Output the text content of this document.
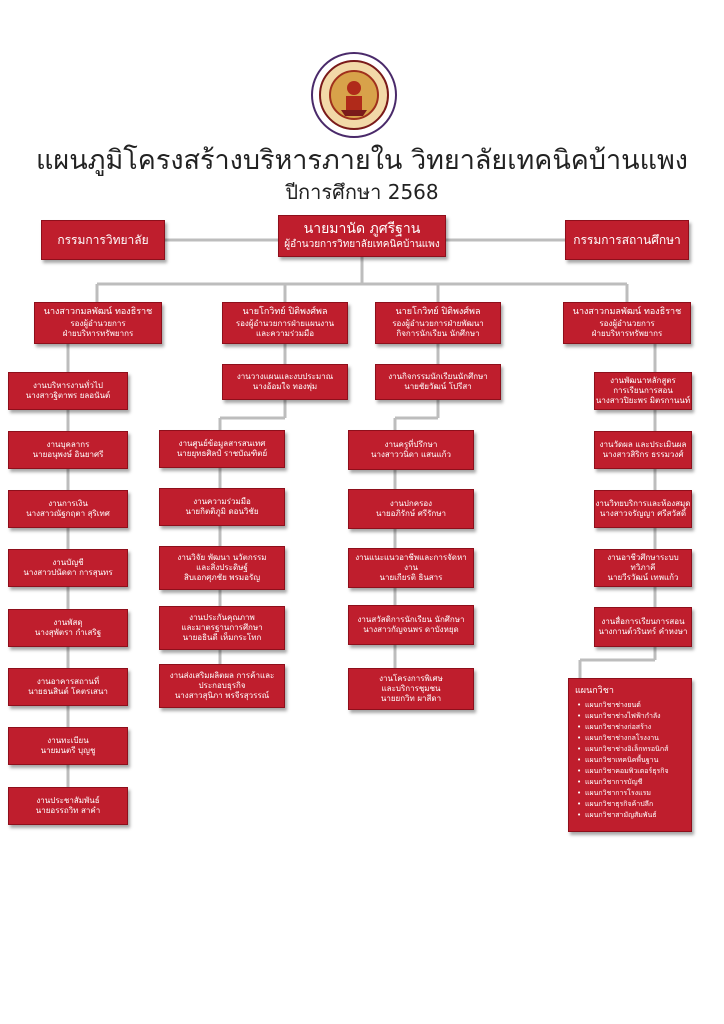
แผนภูมิโครงสร้างบริหารภายใน วิทยาลัยเทคนิคบ้านแพง
ปีการศึกษา 2568
กรรมการวิทยาลัย
นายมานัด ภูศรีฐาน
ผู้อำนวยการวิทยาลัยเทคนิคบ้านแพง	กรรมการสถานศึกษา
นางสาวกมลพัฒน์ ทองธิราช
รองผู้อำนวยการ
ฝ่ายบริหารทรัพยากร
นายโกวิทย์ ปิติพงศ์พล
รองผู้อำนวยการฝ่ายแผนงาน
และความร่วมมือ
นายโกวิทย์ ปิติพงศ์พล
รองผู้อำนวยการฝ่ายพัฒนา
กิจการนักเรียน นักศึกษา
นางสาวกมลพัฒน์ ทองธิราช
รองผู้อำนวยการ
ฝ่ายบริหารทรัพยากร
งานบริหารงานทั่วไป
นางสาวฐิตาพร ยลอนันต์
งานบุคลากร
นายอนุพงษ์ อินยาศรี
งานการเงิน
นางสาวณัฐกฤตา สุริเทศ
งานบัญชี
นางสาวปนัดดา การสุนทร
งานพัสดุ
นางสุพัตรา กำเสริฐ
งานอาคารสถานที่
นายธนสินต์ โคตรเสนา
งานทะเบียน
นายมนตรี บุญชู
งานประชาสัมพันธ์
นายอรรถวิท สาคำ
งานวางแผนและงบประมาณ
นางอ้อมใจ ทองพุ่ม
งานศูนย์ข้อมูลสารสนเทศ
นายยุทธศิลป์ ราชบัณฑิตย์
งานความร่วมมือ
นายกิตติภูมิ ดอนวิชัย
งานวิจัย พัฒนา นวัตกรรม
และสิ่งประดิษฐ์
สิบเอกศุภชัย พรมอรัญ
งานประกันคุณภาพ
และมาตรฐานการศึกษา
นายอธินดี เห็มกระโทก
งานส่งเสริมผลิตผล การค้าและ
ประกอบธุรกิจ
นางสาวสุนิภา พรจีรสุวรรณ์
งานกิจกรรมนักเรียนนักศึกษา
นายชัยวัฒน์ โปรีสา
งานครูที่ปรึกษา
นางสาววนิดา แสนแก้ว
งานปกครอง
นายอภิรักษ์ ศรีรักษา
งานแนะแนวอาชีพและการจัดหางาน
นายเกียรติ ธินสาร
งานสวัสดิการนักเรียน นักศึกษา
นางสาวกัญจนพร ดาบังหยุด
งานโครงการพิเศษ
และบริการชุมชน
นายยกวิท ผาสีดา
งานพัฒนาหลักสูตร
การเรียนการสอน
นางสาวปิยะพร มิตรกานนท์
งานวัดผล และประเมินผล
นางสาวสิริกร ธรรมวงศ์
งานวิทยบริการและห้องสมุด
นางสาวจรัญญา ศรีสวัสดิ์
งานอาชีวศึกษาระบบทวิภาคี
นายวีรวัฒน์ เทพแก้ว
งานสื่อการเรียนการสอน
นางกานต์วรินทร์ คำหงษา
แผนกวิชา
• แผนกวิชาช่างยนต์
• แผนกวิชาช่างไฟฟ้ากำลัง
• แผนกวิชาช่างก่อสร้าง
• แผนกวิชาช่างกลโรงงาน
• แผนกวิชาช่างอิเล็กทรอนิกส์
• แผนกวิชาเทคนิคพื้นฐาน
• แผนกวิชาคอมพิวเตอร์ธุรกิจ
• แผนกวิชาการบัญชี
• แผนกวิชาการโรงแรม
• แผนกวิชาธุรกิจค้าปลีก
• แผนกวิชาสามัญสัมพันธ์
